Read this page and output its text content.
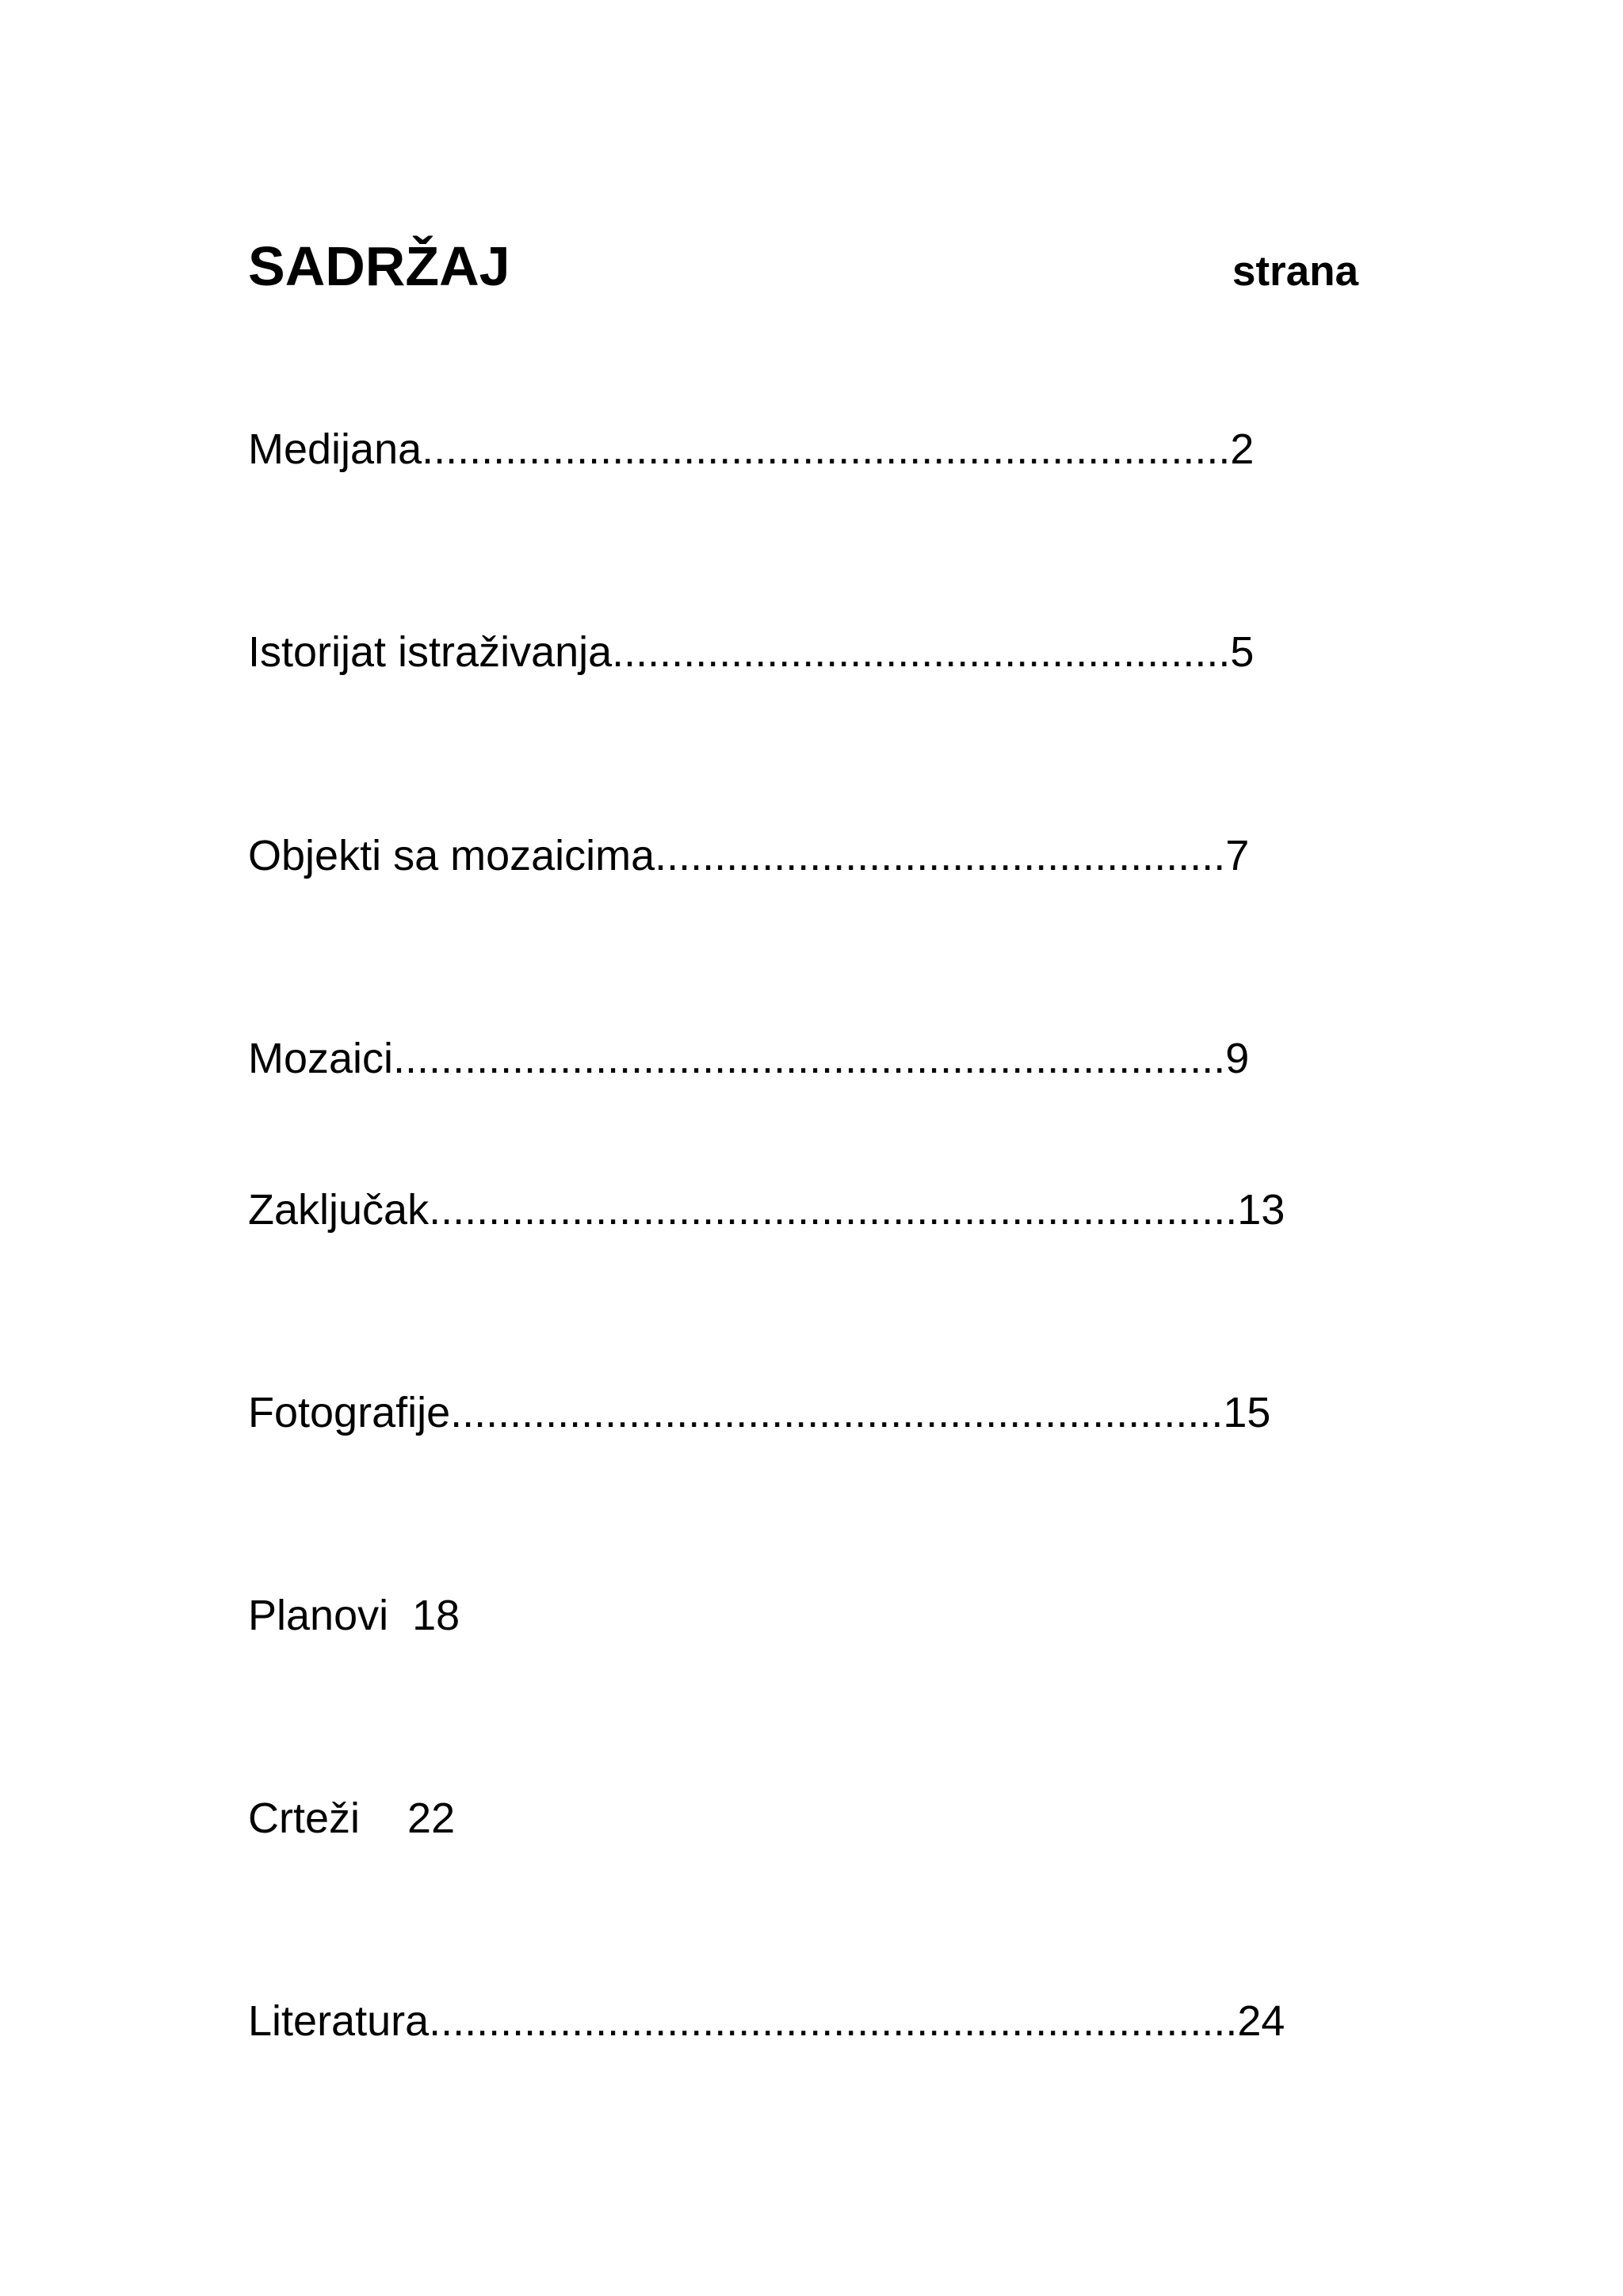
SADRŽAJ	strana
Medijana....................................................................2
Istorijat istraživanja....................................................5
Objekti sa mozaicima................................................7
Mozaici......................................................................9
Zaključak....................................................................13
Fotografije.................................................................15
Planovi 18
Crteži 22
Literatura....................................................................24
